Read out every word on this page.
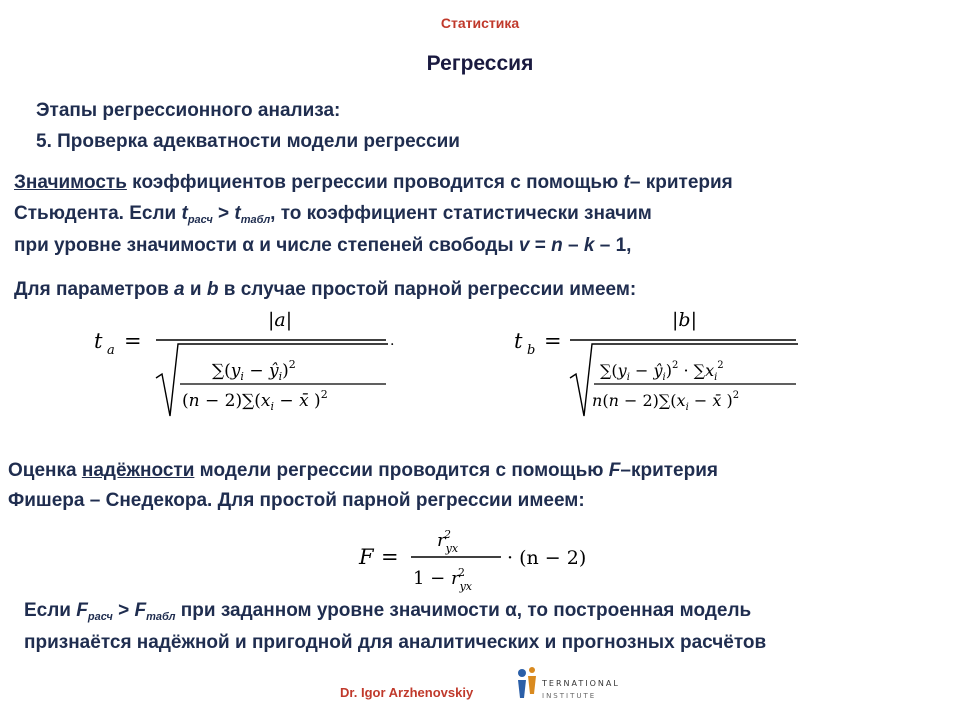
Статистика
Регрессия
Этапы регрессионного анализа:
5. Проверка адекватности модели регрессии
Значимость коэффициентов регрессии проводится с помощью t– критерия
Стьюдента. Если $t_{расч} > t_{табл}$, то коэффициент статистически значим
при уровне значимости α и числе степеней свободы v = n – k – 1,
Для параметров a и b в случае простой парной регрессии имеем:
t a =
|a|
.
$\sum(y_i$ − $ŷ_i)^2$
$(n - 2)\sum(x_i$ − x̄ )$^2$
t b =
|b|
$\sum(y_i$ − $ŷ_i)^2 \cdot \sum x_i^2$
$n(n - 2)\sum(x_i$ − x̄ )$^2$
Оценка надёжности модели регрессии проводится с помощью F–критерия
Фишера – Снедекора. Для простой парной регрессии имеем:
F =
$r_{yx}2$
$1 - r_{yx}2$
· (n − 2)
Если $F_{расч} > F_{табл}$ при заданном уровне значимости α, то построенная модель
признаётся надёжной и пригодной для аналитических и прогнозных расчётов
Dr. Igor Arzhenovskiy
TERNATIONAL
INSTITUTE
